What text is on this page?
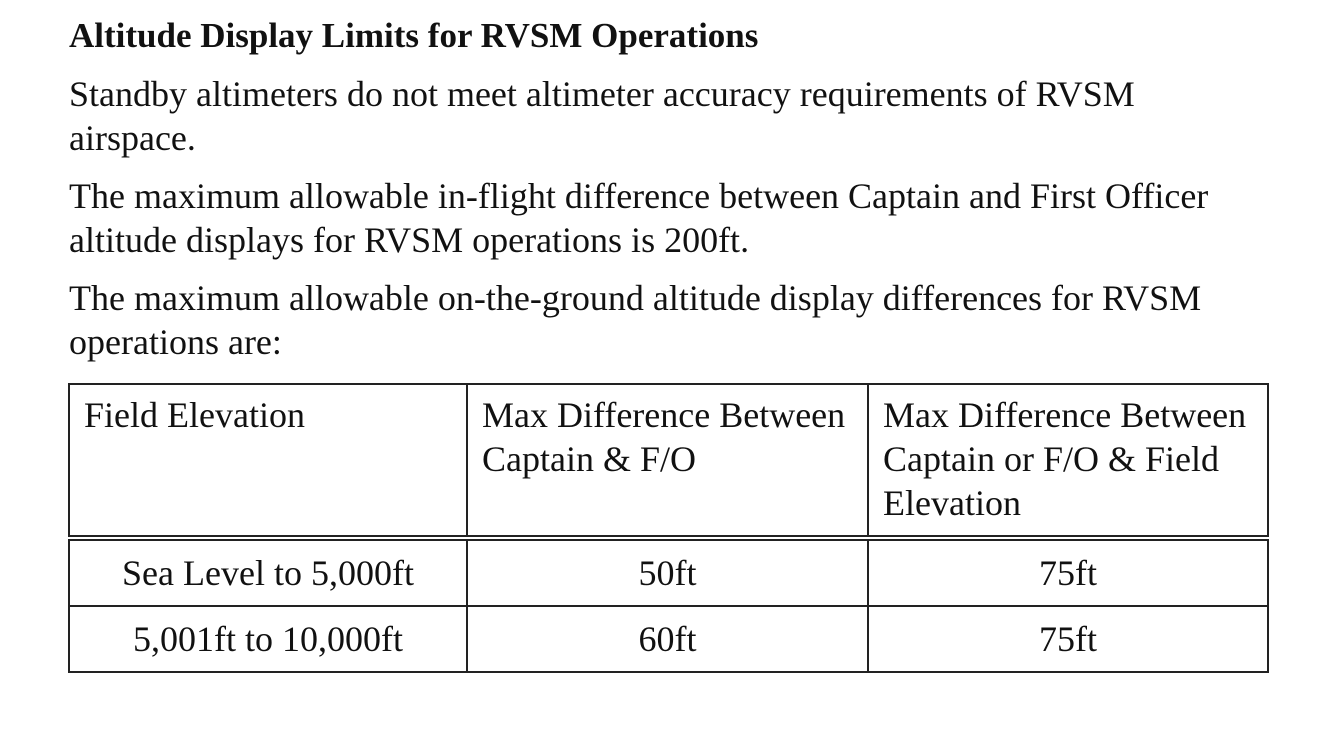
Altitude Display Limits for RVSM Operations

Standby altimeters do not meet altimeter accuracy requirements of RVSM airspace.

The maximum allowable in-flight difference between Captain and First Officer altitude displays for RVSM operations is 200ft.

The maximum allowable on-the-ground altitude display differences for RVSM operations are:

Field Elevation	Max Difference Between Captain & F/O	Max Difference Between Captain or F/O & Field Elevation
Sea Level to 5,000ft	50ft	75ft
5,001ft to 10,000ft	60ft	75ft
